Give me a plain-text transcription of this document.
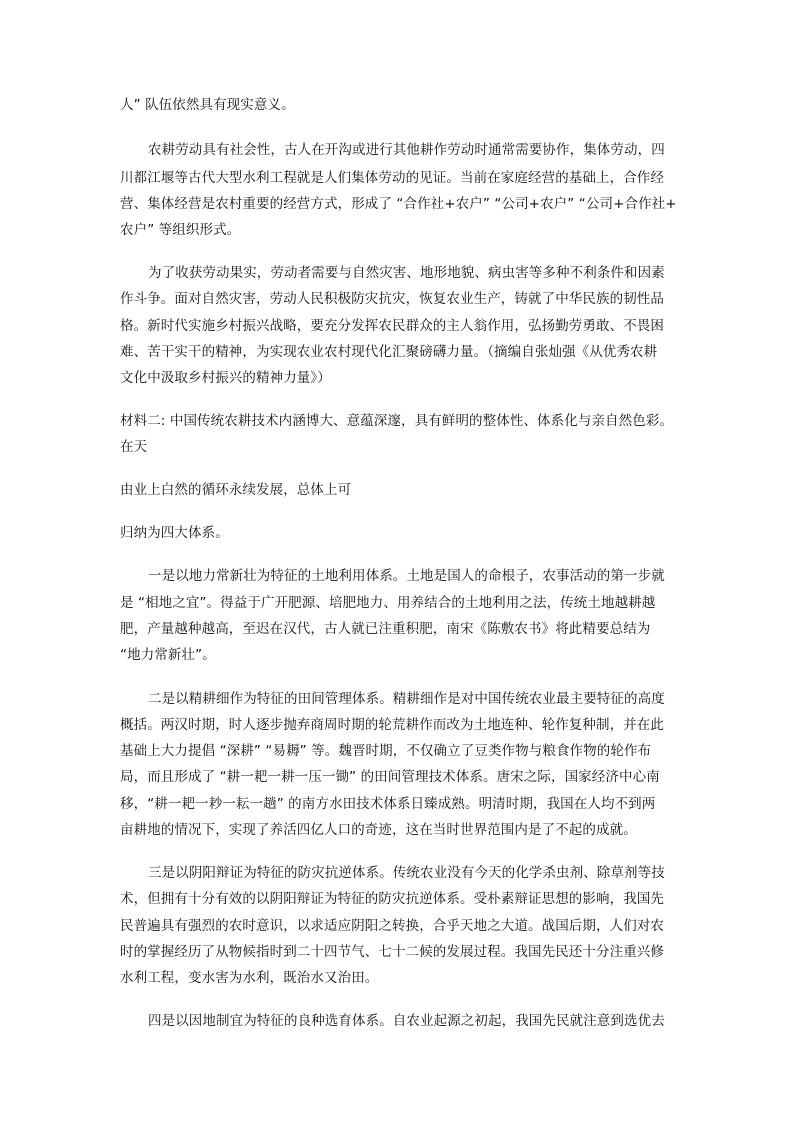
人” 队伍依然具有现实意义。
农耕劳动具有社会性，古人在开沟或进行其他耕作劳动时通常需要协作，集体劳动，四
川都江堰等古代大型水利工程就是人们集体劳动的见证。当前在家庭经营的基础上，合作经
营、集体经营是农村重要的经营方式，形成了 “合作社+农户” “公司+农户” “公司+合作社+
农户” 等组织形式。
为了收获劳动果实，劳动者需要与自然灾害、地形地貌、病虫害等多种不利条件和因素
作斗争。面对自然灾害，劳动人民积极防灾抗灾，恢复农业生产，铸就了中华民族的韧性品
格。新时代实施乡村振兴战略，要充分发挥农民群众的主人翁作用，弘扬勤劳勇敢、不畏困
难、苦干实干的精神，为实现农业农村现代化汇聚磅礴力量。（摘编自张灿强《从优秀农耕
文化中汲取乡村振兴的精神力量》）
材料二: 中国传统农耕技术内涵博大、意蕴深邃，具有鲜明的整体性、体系化与亲自然色彩。
在天
由业上白然的循环永续发展，总体上可
归纳为四大体系。
一是以地力常新壮为特征的土地利用体系。土地是国人的命根子，农事活动的第一步就
是 “相地之宜”。得益于广开肥源、培肥地力、用养结合的土地利用之法，传统土地越耕越
肥，产量越种越高，至迟在汉代，古人就已注重积肥，南宋《陈敷农书》将此精要总结为
“地力常新壮”。
二是以精耕细作为特征的田间管理体系。精耕细作是对中国传统农业最主要特征的高度
概括。两汉时期，时人逐步抛弃商周时期的轮荒耕作而改为土地连种、轮作复种制，并在此
基础上大力提倡 “深耕” “易耨” 等。魏晋时期，不仅确立了豆类作物与粮食作物的轮作布
局，而且形成了 “耕一耙一耕一压一锄” 的田间管理技术体系。唐宋之际，国家经济中心南
移，“耕一耙一耖一耘一趟” 的南方水田技术体系日臻成熟。明清时期，我国在人均不到两
亩耕地的情况下，实现了养活四亿人口的奇迹，这在当时世界范围内是了不起的成就。
三是以阴阳辩证为特征的防灾抗逆体系。传统农业没有今天的化学杀虫剂、除草剂等技
术，但拥有十分有效的以阴阳辩证为特征的防灾抗逆体系。受朴素辩证思想的影响，我国先
民普遍具有强烈的农时意识，以求适应阴阳之转换，合乎天地之大道。战国后期，人们对农
时的掌握经历了从物候指时到二十四节气、七十二候的发展过程。我国先民还十分注重兴修
水利工程，变水害为水利，既治水又治田。
四是以因地制宜为特征的良种选育体系。自农业起源之初起，我国先民就注意到选优去
